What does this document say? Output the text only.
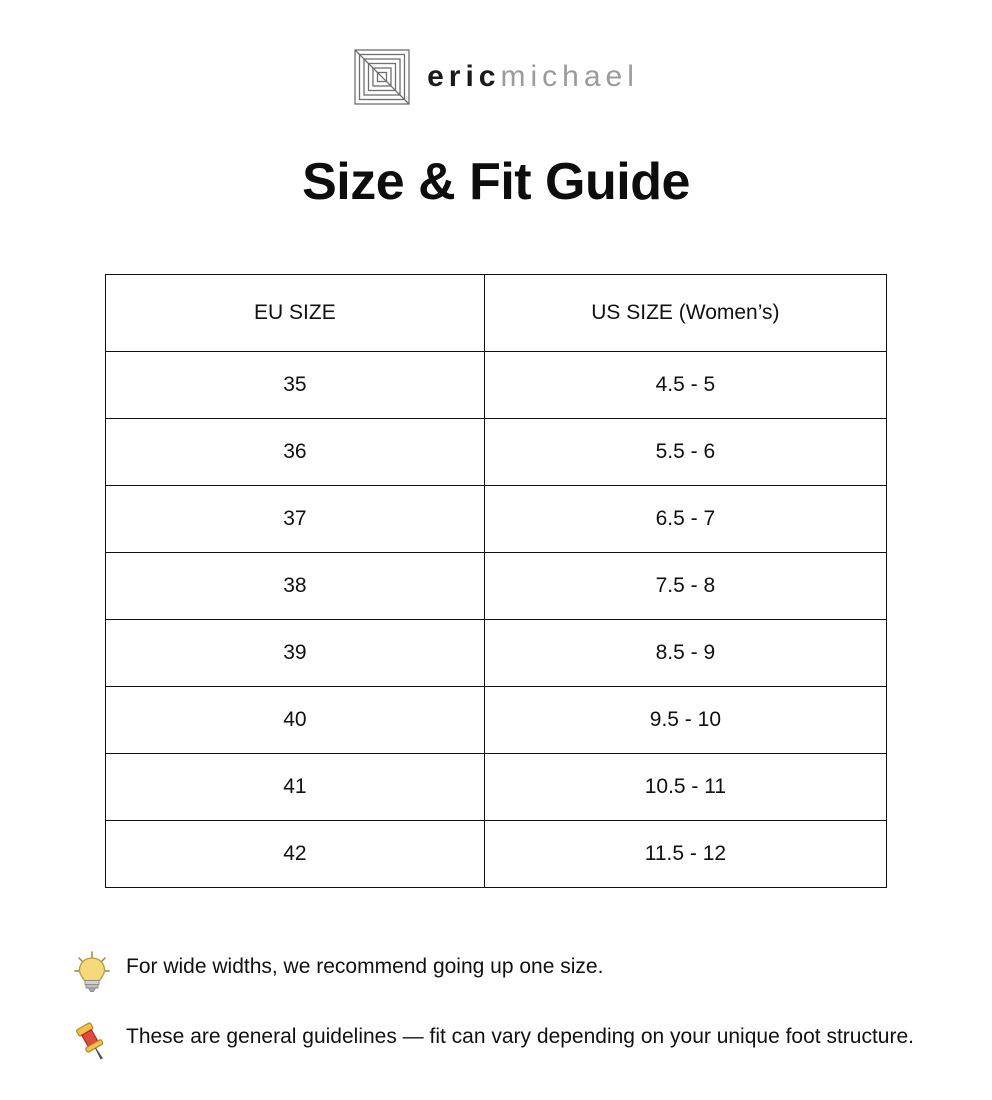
eric michael
Size & Fit Guide
EU SIZE	US SIZE (Women’s)
35	4.5 - 5
36	5.5 - 6
37	6.5 - 7
38	7.5 - 8
39	8.5 - 9
40	9.5 - 10
41	10.5 - 11
42	11.5 - 12
For wide widths, we recommend going up one size.
These are general guidelines — fit can vary depending on your unique foot structure.
